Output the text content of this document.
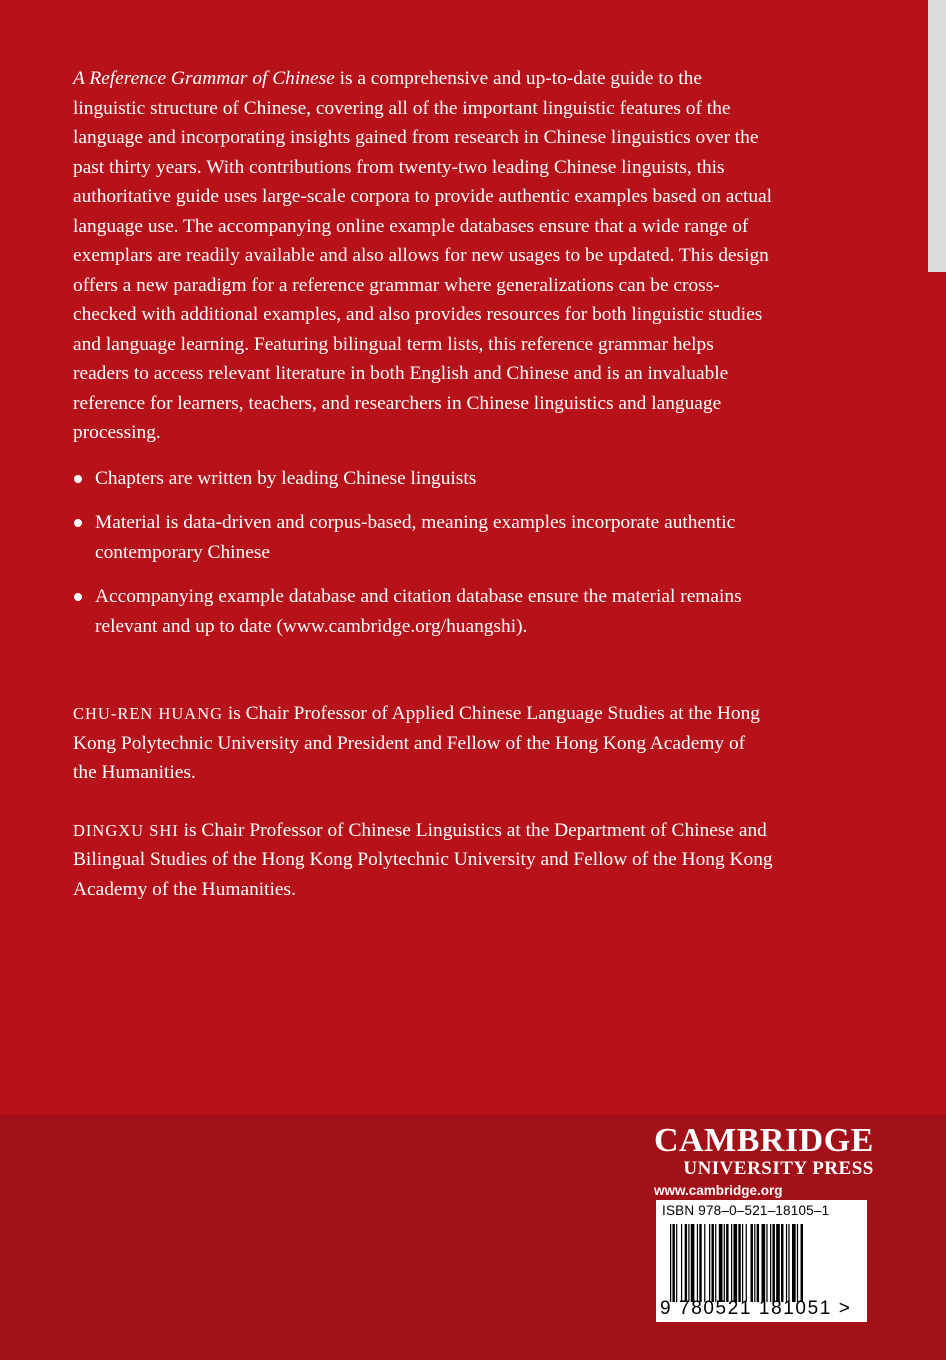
A Reference Grammar of Chinese is a comprehensive and up-to-date guide to the linguistic structure of Chinese, covering all of the important linguistic features of the language and incorporating insights gained from research in Chinese linguistics over the past thirty years. With contributions from twenty-two leading Chinese linguists, this authoritative guide uses large-scale corpora to provide authentic examples based on actual language use. The accompanying online example databases ensure that a wide range of exemplars are readily available and also allows for new usages to be updated. This design offers a new paradigm for a reference grammar where generalizations can be cross-checked with additional examples, and also provides resources for both linguistic studies and language learning. Featuring bilingual term lists, this reference grammar helps readers to access relevant literature in both English and Chinese and is an invaluable reference for learners, teachers, and researchers in Chinese linguistics and language processing.

Chapters are written by leading Chinese linguists
Material is data-driven and corpus-based, meaning examples incorporate authentic contemporary Chinese
Accompanying example database and citation database ensure the material remains relevant and up to date (www.cambridge.org/huangshi).

CHU-REN HUANG is Chair Professor of Applied Chinese Language Studies at the Hong Kong Polytechnic University and President and Fellow of the Hong Kong Academy of the Humanities.

DINGXU SHI is Chair Professor of Chinese Linguistics at the Department of Chinese and Bilingual Studies of the Hong Kong Polytechnic University and Fellow of the Hong Kong Academy of the Humanities.

CAMBRIDGE
UNIVERSITY PRESS
www.cambridge.org
ISBN 978–0–521–18105–1
9 780521 181051 >
